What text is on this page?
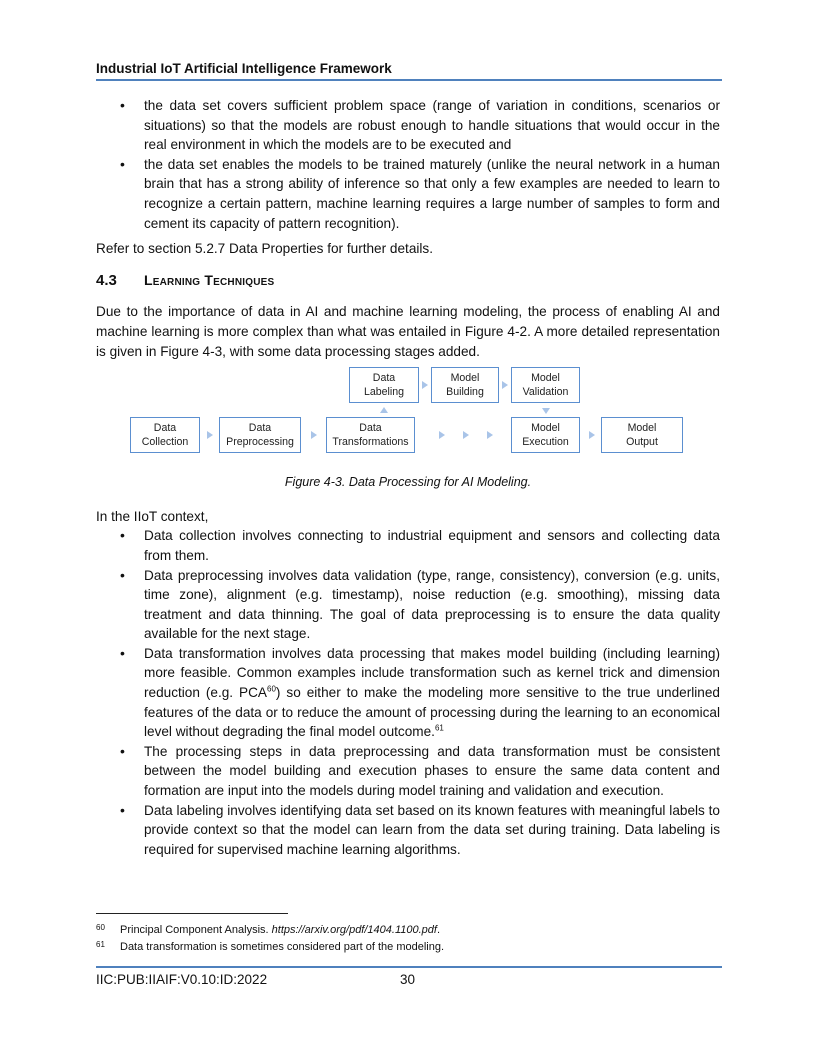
Industrial IoT Artificial Intelligence Framework
• the data set covers sufficient problem space (range of variation in conditions, scenarios or situations) so that the models are robust enough to handle situations that would occur in the real environment in which the models are to be executed and
• the data set enables the models to be trained maturely (unlike the neural network in a human brain that has a strong ability of inference so that only a few examples are needed to learn to recognize a certain pattern, machine learning requires a large number of samples to form and cement its capacity of pattern recognition).

Refer to section 5.2.7 Data Properties for further details.

4.3	Learning Techniques

Due to the importance of data in AI and machine learning modeling, the process of enabling AI and machine learning is more complex than what was entailed in Figure 4-2. A more detailed representation is given in Figure 4-3, with some data processing stages added.

Data
Labeling
Model
Building
Model
Validation
Data
Collection
Data
Preprocessing
Data
Transformations
Model
Execution
Model
Output
Figure 4-3. Data Processing for AI Modeling.

In the IIoT context,

• Data collection involves connecting to industrial equipment and sensors and collecting data from them.
• Data preprocessing involves data validation (type, range, consistency), conversion (e.g. units, time zone), alignment (e.g. timestamp), noise reduction (e.g. smoothing), missing data treatment and data thinning. The goal of data preprocessing is to ensure the data quality available for the next stage.
• Data transformation involves data processing that makes model building (including learning) more feasible. Common examples include transformation such as kernel trick and dimension reduction (e.g. PCA$^{60}$) so either to make the modeling more sensitive to the true underlined features of the data or to reduce the amount of processing during the learning to an economical level without degrading the final model outcome.$^{61}$
• The processing steps in data preprocessing and data transformation must be consistent between the model building and execution phases to ensure the same data content and formation are input into the models during model training and validation and execution.
• Data labeling involves identifying data set based on its known features with meaningful labels to provide context so that the model can learn from the data set during training. Data labeling is required for supervised machine learning algorithms.
60	Principal Component Analysis. https://arxiv.org/pdf/1404.1100.pdf.
61	Data transformation is sometimes considered part of the modeling.
IIC:PUB:IIAIF:V0.10:ID:2022	30
